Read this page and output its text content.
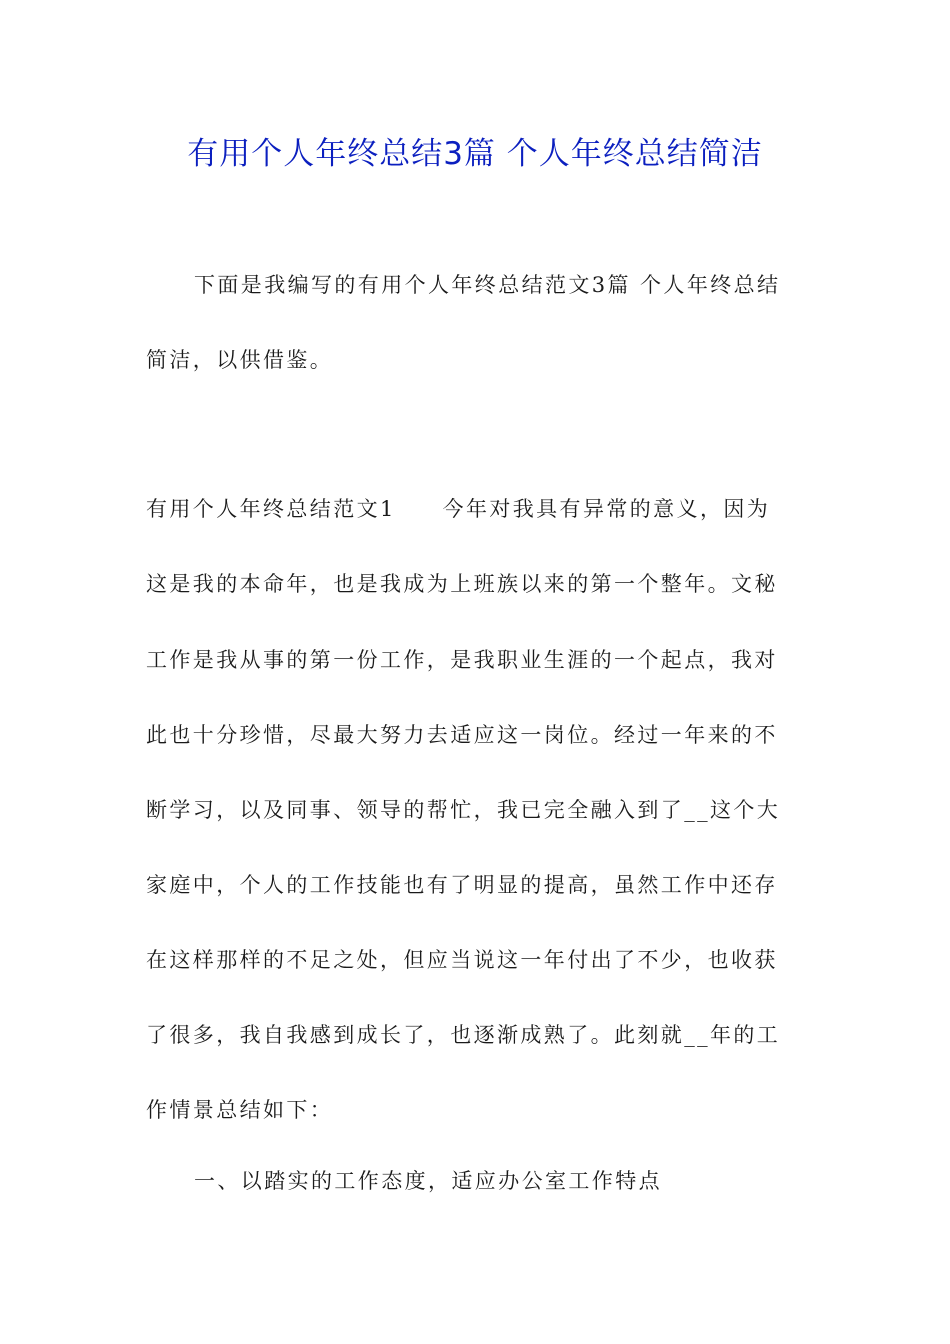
有用个人年终总结3篇 个人年终总结简洁

下面是我编写的有用个人年终总结范文3篇 个人年终总结

简洁，以供借鉴。

有用个人年终总结范文1　　今年对我具有异常的意义，因为

这是我的本命年，也是我成为上班族以来的第一个整年。文秘

工作是我从事的第一份工作，是我职业生涯的一个起点，我对

此也十分珍惜，尽最大努力去适应这一岗位。经过一年来的不

断学习，以及同事、领导的帮忙，我已完全融入到了__这个大

家庭中，个人的工作技能也有了明显的提高，虽然工作中还存

在这样那样的不足之处，但应当说这一年付出了不少，也收获

了很多，我自我感到成长了，也逐渐成熟了。此刻就__年的工

作情景总结如下：

一、以踏实的工作态度，适应办公室工作特点
